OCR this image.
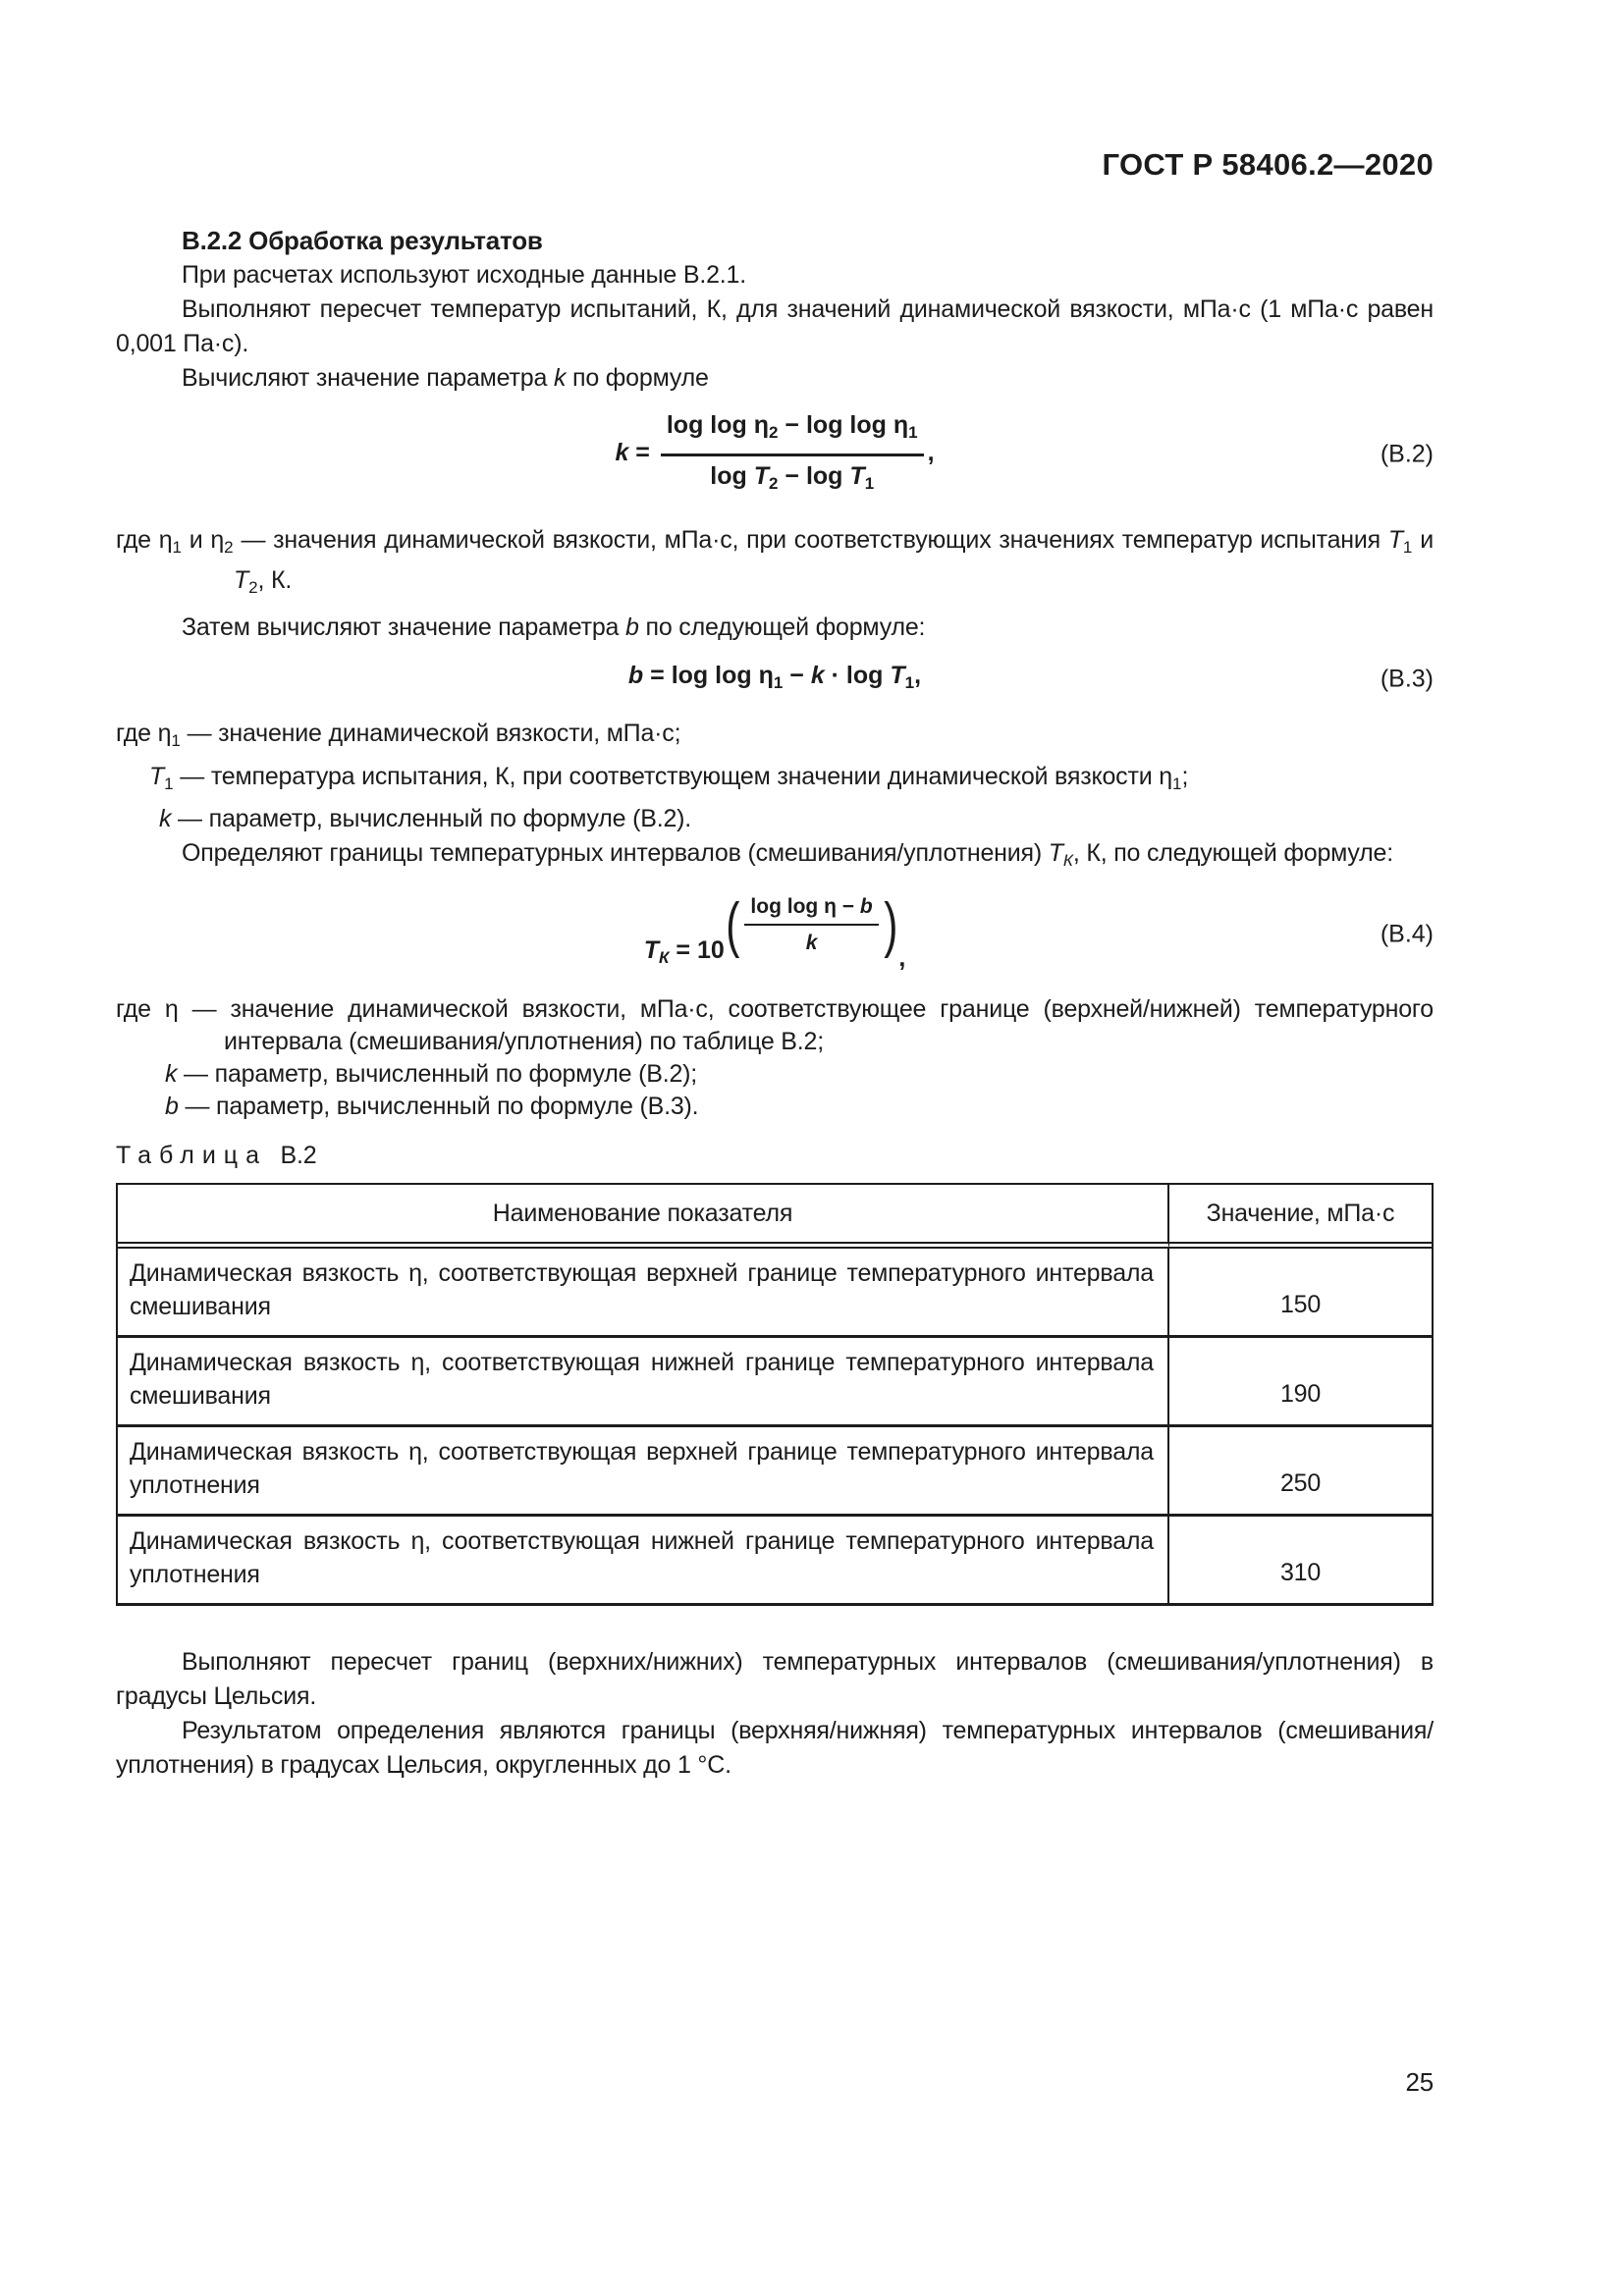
ГОСТ Р 58406.2—2020
В.2.2 Обработка результатов

При расчетах используют исходные данные В.2.1.

Выполняют пересчет температур испытаний, К, для значений динамической вязкости, мПа·с (1 мПа·с равен 0,001 Па·с).

Вычисляют значение параметра k по формуле

$k = \frac{\log \log \eta_2 - \log \log \eta_1}{\log T_2 - \log T_1}$ ,	(В.2)
где $\eta_1$ и $\eta_2$ — значения динамической вязкости, мПа·с, при соответствующих значениях температур испытания $T_1$ и $T_2$, К.

Затем вычисляют значение параметра b по следующей формуле:

$b = \log \log \eta_1 - k \cdot \log T_1$,	(В.3)
где $\eta_1$ — значение динамической вязкости, мПа·с;
$T_1$ — температура испытания, К, при соответствующем значении динамической вязкости $\eta_1$;
k — параметр, вычисленный по формуле (В.2).

Определяют границы температурных интервалов (смешивания/уплотнения) $T_К$, К, по следующей формуле:

$T_К = 10$ ( $\frac{\text{log log η − b}}{k}$ ) ,
(В.4)
где η — значение динамической вязкости, мПа·с, соответствующее границе (верхней/нижней) температурного интервала (смешивания/уплотнения) по таблице В.2;
k — параметр, вычисленный по формуле (В.2);
b — параметр, вычисленный по формуле (В.3).
Таблица В.2
Наименование показателя	Значение, мПа·с
Динамическая вязкость η, соответствующая верхней границе температурного интервала смешивания	150
Динамическая вязкость η, соответствующая нижней границе температурного интервала смешивания	190
Динамическая вязкость η, соответствующая верхней границе температурного интервала уплотнения	250
Динамическая вязкость η, соответствующая нижней границе температурного интервала уплотнения	310

Выполняют пересчет границ (верхних/нижних) температурных интервалов (смешивания/уплотнения) в градусы Цельсия.

Результатом определения являются границы (верхняя/нижняя) температурных интервалов (смешивания/уплотнения) в градусах Цельсия, округленных до 1 °С.

25
